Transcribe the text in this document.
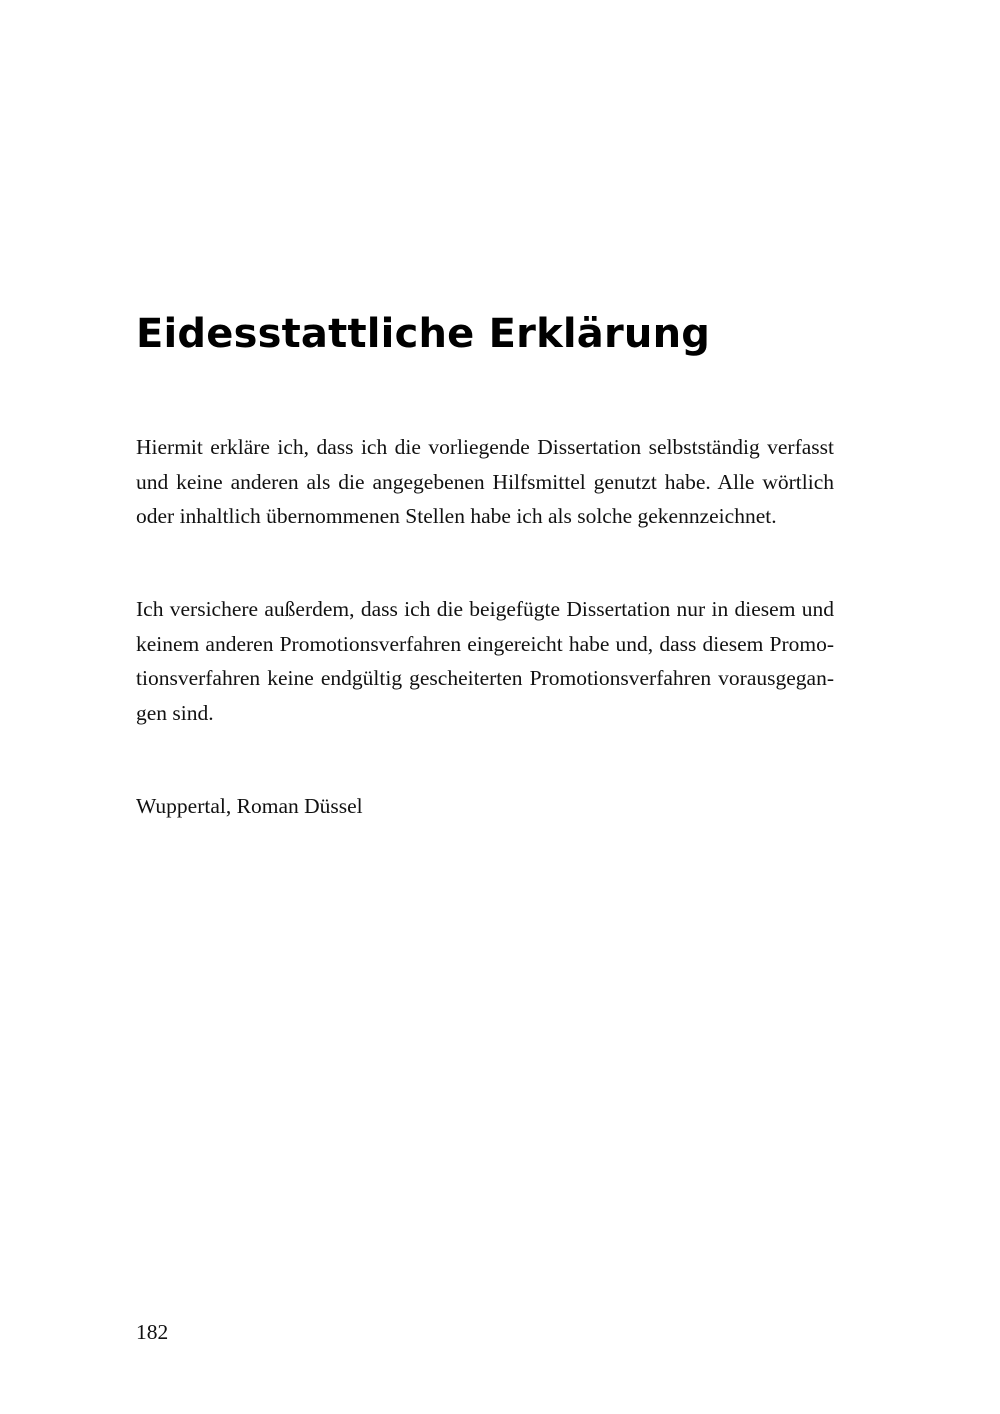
Eidesstattliche Erklärung

Hiermit erkläre ich, dass ich die vorliegende Dissertation selbstständig verfasst
und keine anderen als die angegebenen Hilfsmittel genutzt habe. Alle wörtlich
oder inhaltlich übernommenen Stellen habe ich als solche gekennzeichnet.

Ich versichere außerdem, dass ich die beigefügte Dissertation nur in diesem und
keinem anderen Promotionsverfahren eingereicht habe und, dass diesem Promo-
tionsverfahren keine endgültig gescheiterten Promotionsverfahren vorausgegan-
gen sind.

Wuppertal, Roman Düssel

182
